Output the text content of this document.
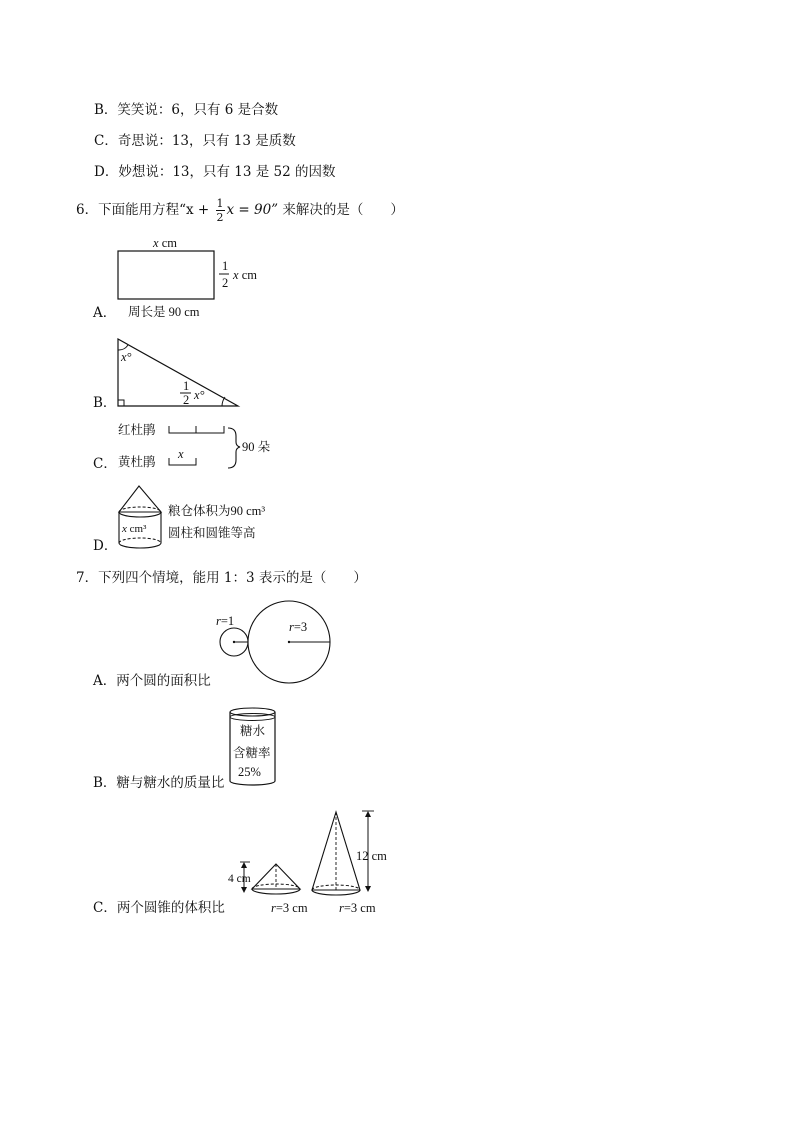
B．笑笑说：6，只有 6 是合数
C．奇思说：13，只有 13 是质数
D．妙想说：13，只有 13 是 52 的因数
6．下面能用方程“$x + \frac{1}{2}$ x = 90” 来解决的是（　　）
A．
x cm
1
2
x cm
周长是 90 cm
B．
x°
1
2 x°
C．
红杜鹃
黄杜鹃
x	90 朵
D．
x cm³
粮仓体积为90 cm³
圆柱和圆锥等高
7．下列四个情境，能用 1：3 表示的是（　　）
A．两个圆的面积比
r=1	r=3
B．糖与糖水的质量比
糖水
含糖率
25%
C．两个圆锥的体积比
4 cm
12 cm
r=3 cm	r=3 cm
